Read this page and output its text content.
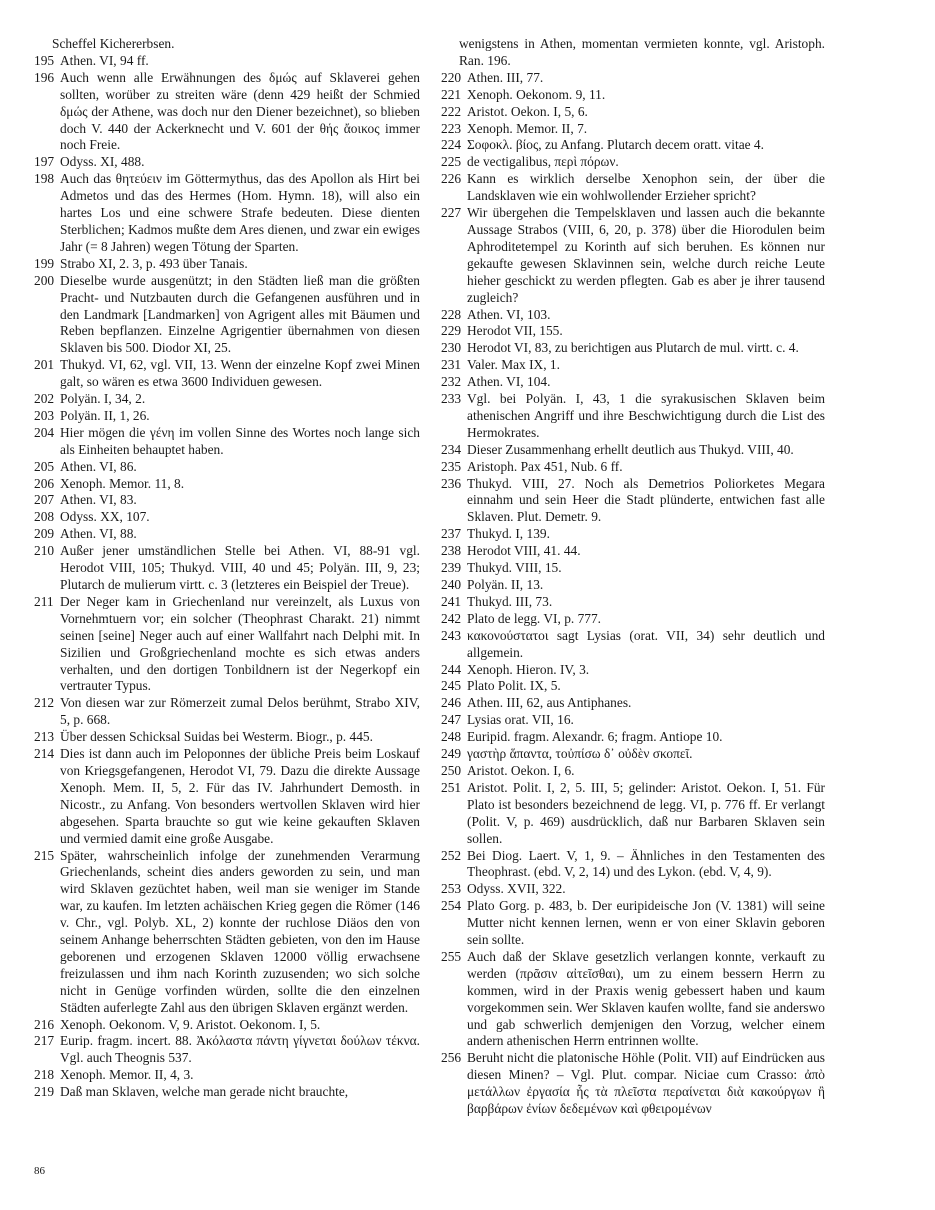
Scheffel Kichererbsen.

195 Athen. VI, 94 ff.

196 Auch wenn alle Erwähnungen des δμώς auf Sklaverei gehen sollten, worüber zu streiten wäre (denn 429 heißt der Schmied δμώς der Athene, was doch nur den Diener bezeichnet), so blieben doch V. 440 der Ackerknecht und V. 601 der θής ἄοικος immer noch Freie.

197 Odyss. XI, 488.

198 Auch das θητεύειν im Göttermythus, das des Apollon als Hirt bei Admetos und das des Hermes (Hom. Hymn. 18), will also ein hartes Los und eine schwere Strafe bedeuten. Diese dienten Sterblichen; Kadmos mußte dem Ares dienen, und zwar ein ewiges Jahr (= 8 Jahren) wegen Tötung der Sparten.

199 Strabo XI, 2. 3, p. 493 über Tanais.

200 Dieselbe wurde ausgenützt; in den Städten ließ man die größten Pracht- und Nutzbauten durch die Gefangenen ausführen und in den Landmark [Landmarken] von Agrigent alles mit Bäumen und Reben bepflanzen. Einzelne Agrigentier übernahmen von diesen Sklaven bis 500. Diodor XI, 25.

201 Thukyd. VI, 62, vgl. VII, 13. Wenn der einzelne Kopf zwei Minen galt, so wären es etwa 3600 Individuen gewesen.

202 Polyän. I, 34, 2.

203 Polyän. II, 1, 26.

204 Hier mögen die γένη im vollen Sinne des Wortes noch lange sich als Einheiten behauptet haben.

205 Athen. VI, 86.

206 Xenoph. Memor. 11, 8.

207 Athen. VI, 83.

208 Odyss. XX, 107.

209 Athen. VI, 88.

210 Außer jener umständlichen Stelle bei Athen. VI, 88-91 vgl. Herodot VIII, 105; Thukyd. VIII, 40 und 45; Polyän. III, 9, 23; Plutarch de mulierum virtt. c. 3 (letzteres ein Beispiel der Treue).

211 Der Neger kam in Griechenland nur vereinzelt, als Luxus von Vornehmtuern vor; ein solcher (Theophrast Charakt. 21) nimmt seinen [seine] Neger auch auf einer Wallfahrt nach Delphi mit. In Sizilien und Großgriechenland mochte es sich etwas anders verhalten, und den dortigen Tonbildnern ist der Negerkopf ein vertrauter Typus.

212 Von diesen war zur Römerzeit zumal Delos berühmt, Strabo XIV, 5, p. 668.

213 Über dessen Schicksal Suidas bei Westerm. Biogr., p. 445.

214 Dies ist dann auch im Peloponnes der übliche Preis beim Loskauf von Kriegsgefangenen, Herodot VI, 79. Dazu die direkte Aussage Xenoph. Mem. II, 5, 2. Für das IV. Jahrhundert Demosth. in Nicostr., zu Anfang. Von besonders wertvollen Sklaven wird hier abgesehen. Sparta brauchte so gut wie keine gekauften Sklaven und vermied damit eine große Ausgabe.

215 Später, wahrscheinlich infolge der zunehmenden Verarmung Griechenlands, scheint dies anders geworden zu sein, und man wird Sklaven gezüchtet haben, weil man sie weniger im Stande war, zu kaufen. Im letzten achäischen Krieg gegen die Römer (146 v. Chr., vgl. Polyb. XL, 2) konnte der ruchlose Diäos den von seinem Anhange beherrschten Städten gebieten, von den im Hause geborenen und erzogenen Sklaven 12000 völlig erwachsene freizulassen und ihm nach Korinth zuzusenden; wo sich solche nicht in Genüge vorfinden würden, sollte die den einzelnen Städten auferlegte Zahl aus den übrigen Sklaven ergänzt werden.

216 Xenoph. Oekonom. V, 9. Aristot. Oekonom. I, 5.

217 Eurip. fragm. incert. 88. Ἀκόλαστα πάντη γίγνεται δούλων τέκνα. Vgl. auch Theognis 537.

218 Xenoph. Memor. II, 4, 3.

219 Daß man Sklaven, welche man gerade nicht brauchte,

wenigstens in Athen, momentan vermieten konnte, vgl. Aristoph. Ran. 196.

220 Athen. III, 77.

221 Xenoph. Oekonom. 9, 11.

222 Aristot. Oekon. I, 5, 6.

223 Xenoph. Memor. II, 7.

224 Σοφοκλ. βίος, zu Anfang. Plutarch decem oratt. vitae 4.

225 de vectigalibus, περὶ πόρων.

226 Kann es wirklich derselbe Xenophon sein, der über die Landsklaven wie ein wohlwollender Erzieher spricht?

227 Wir übergehen die Tempelsklaven und lassen auch die bekannte Aussage Strabos (VIII, 6, 20, p. 378) über die Hiorodulen beim Aphroditetempel zu Korinth auf sich beruhen. Es können nur gekaufte gewesen Sklavinnen sein, welche durch reiche Leute hieher geschickt zu werden pflegten. Gab es aber je ihrer tausend zugleich?

228 Athen. VI, 103.

229 Herodot VII, 155.

230 Herodot VI, 83, zu berichtigen aus Plutarch de mul. virtt. c. 4.

231 Valer. Max IX, 1.

232 Athen. VI, 104.

233 Vgl. bei Polyän. I, 43, 1 die syrakusischen Sklaven beim athenischen Angriff und ihre Beschwichtigung durch die List des Hermokrates.

234 Dieser Zusammenhang erhellt deutlich aus Thukyd. VIII, 40.

235 Aristoph. Pax 451, Nub. 6 ff.

236 Thukyd. VIII, 27. Noch als Demetrios Poliorketes Megara einnahm und sein Heer die Stadt plünderte, entwichen fast alle Sklaven. Plut. Demetr. 9.

237 Thukyd. I, 139.

238 Herodot VIII, 41. 44.

239 Thukyd. VIII, 15.

240 Polyän. II, 13.

241 Thukyd. III, 73.

242 Plato de legg. VI, p. 777.

243 κακονούστατοι sagt Lysias (orat. VII, 34) sehr deutlich und allgemein.

244 Xenoph. Hieron. IV, 3.

245 Plato Polit. IX, 5.

246 Athen. III, 62, aus Antiphanes.

247 Lysias orat. VII, 16.

248 Euripid. fragm. Alexandr. 6; fragm. Antiope 10.

249 γαστὴρ ἅπαντα, τοὐπίσω δ᾽ οὐδὲν σκοπεῖ.

250 Aristot. Oekon. I, 6.

251 Aristot. Polit. I, 2, 5. III, 5; gelinder: Aristot. Oekon. I, 51. Für Plato ist besonders bezeichnend de legg. VI, p. 776 ff. Er verlangt (Polit. V, p. 469) ausdrücklich, daß nur Barbaren Sklaven sein sollen.

252 Bei Diog. Laert. V, 1, 9. – Ähnliches in den Testamenten des Theophrast. (ebd. V, 2, 14) und des Lykon. (ebd. V, 4, 9).

253 Odyss. XVII, 322.

254 Plato Gorg. p. 483, b. Der euripideische Jon (V. 1381) will seine Mutter nicht kennen lernen, wenn er von einer Sklavin geboren sein sollte.

255 Auch daß der Sklave gesetzlich verlangen konnte, verkauft zu werden (πρᾶσιν αἰτεῖσθαι), um zu einem bessern Herrn zu kommen, wird in der Praxis wenig gebessert haben und kaum vorgekommen sein. Wer Sklaven kaufen wollte, fand sie anderswo und gab schwerlich demjenigen den Vorzug, welcher einem andern athenischen Herrn entrinnen wollte.

256 Beruht nicht die platonische Höhle (Polit. VII) auf Eindrücken aus diesen Minen? – Vgl. Plut. compar. Niciae cum Crasso: ἀπὸ μετάλλων ἐργασία ἧς τὰ πλεῖστα περαίνεται διὰ κακούργων ἢ βαρβάρων ἐνίων δεδεμένων καὶ φθειρομένων

86
